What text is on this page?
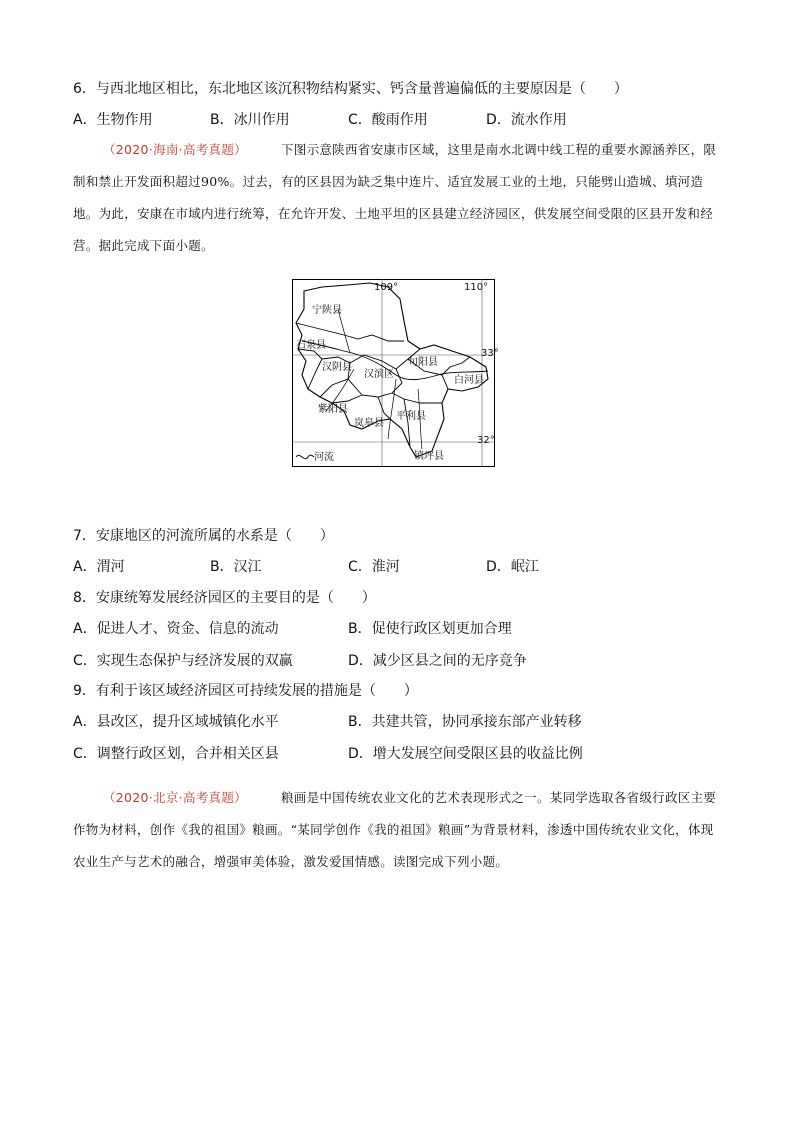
6．与西北地区相比，东北地区该沉积物结构紧实、钙含量普遍偏低的主要原因是（　　）
A．生物作用	B．冰川作用	C．酸雨作用	D．流水作用
（2020·海南·高考真题）	下图示意陕西省安康市区域，这里是南水北调中线工程的重要水源涵养区，限制和禁止开发面积超过90%。过去，有的区县因为缺乏集中连片、适宜发展工业的土地，只能劈山造城、填河造地。为此，安康在市域内进行统筹，在允许开发、土地平坦的区县建立经济园区，供发展空间受限的区县开发和经营。据此完成下面小题。
109°	110°
33°
32°
宁陕县
石泉县
汉阴县
汉滨区
旬阳县
白河县
紫阳县
岚皋县
平利县
镇坪县
河流
7．安康地区的河流所属的水系是（　　）
A．渭河	B．汉江	C．淮河	D．岷江
8．安康统筹发展经济园区的主要目的是（　　）
A．促进人才、资金、信息的流动	B．促使行政区划更加合理
C．实现生态保护与经济发展的双赢	D．减少区县之间的无序竞争
9．有利于该区域经济园区可持续发展的措施是（　　）
A．县改区，提升区域城镇化水平	B．共建共管，协同承接东部产业转移
C．调整行政区划，合并相关区县	D．增大发展空间受限区县的收益比例
（2020·北京·高考真题）	粮画是中国传统农业文化的艺术表现形式之一。某同学选取各省级行政区主要作物为材料，创作《我的祖国》粮画。“某同学创作《我的祖国》粮画”为背景材料，渗透中国传统农业文化，体现农业生产与艺术的融合，增强审美体验，激发爱国情感。读图完成下列小题。
